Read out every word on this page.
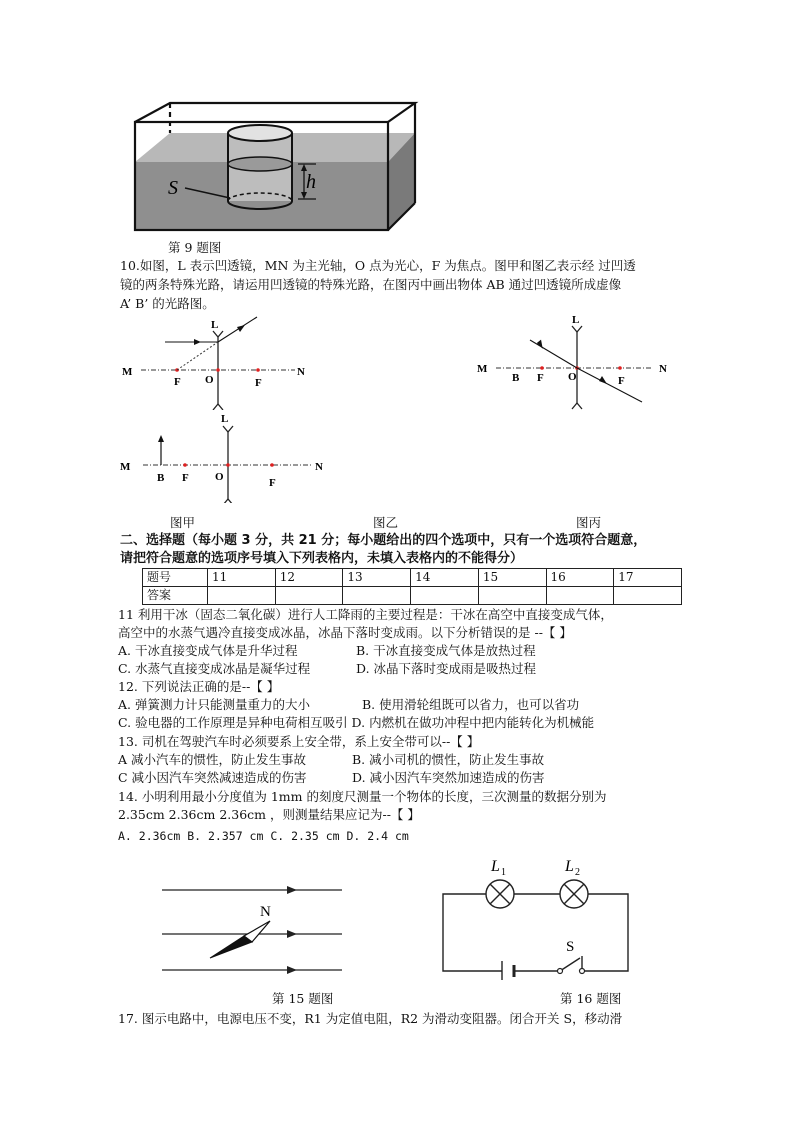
S	h
第 9 题图
10.如图，L 表示凹透镜，MN 为主光轴，O 点为光心，F 为焦点。图甲和图乙表示经 过凹透
镜的两条特殊光路，请运用凹透镜的特殊光路，在图丙中画出物体 AB 通过凹透镜所成虚像
A’ B’ 的光路图。
L
M	N
F O	F
L
M	N
B F O	F
L
M	N
B F O	F
图甲	图乙	图丙
二、选择题（每小题 3 分，共 21 分；每小题给出的四个选项中，只有一个选项符合题意，
请把符合题意的选项序号填入下列表格内，未填入表格内的不能得分）
题号	11	12	13	14	15	16	17
答案							
11 利用干冰（固态二氧化碳）进行人工降雨的主要过程是：干冰在高空中直接变成气体，
高空中的水蒸气遇冷直接变成冰晶，冰晶下落时变成雨。以下分析错误的是 --【 】
A. 干冰直接变成气体是升华过程	B. 干冰直接变成气体是放热过程
C. 水蒸气直接变成冰晶是凝华过程	D. 冰晶下落时变成雨是吸热过程
12. 下列说法正确的是--【 】
A. 弹簧测力计只能测量重力的大小	B. 使用滑轮组既可以省力，也可以省功
C. 验电器的工作原理是异种电荷相互吸引 D. 内燃机在做功冲程中把内能转化为机械能
13. 司机在驾驶汽车时必须要系上安全带，系上安全带可以--【 】
A 减小汽车的惯性，防止发生事故	B. 减小司机的惯性，防止发生事故
C 减小因汽车突然减速造成的伤害	D. 减小因汽车突然加速造成的伤害
14. 小明利用最小分度值为 1mm 的刻度尺测量一个物体的长度，三次测量的数据分别为
2.35cm 2.36cm 2.36cm ，则测量结果应记为--【 】
A. 2.36cm B. 2.357 cm C. 2.35 cm D. 2.4 cm
N
第 15 题图
L 1	L 2
S
第 16 题图
17. 图示电路中，电源电压不变，R1 为定值电阻，R2 为滑动变阻器。闭合开关 S，移动滑
